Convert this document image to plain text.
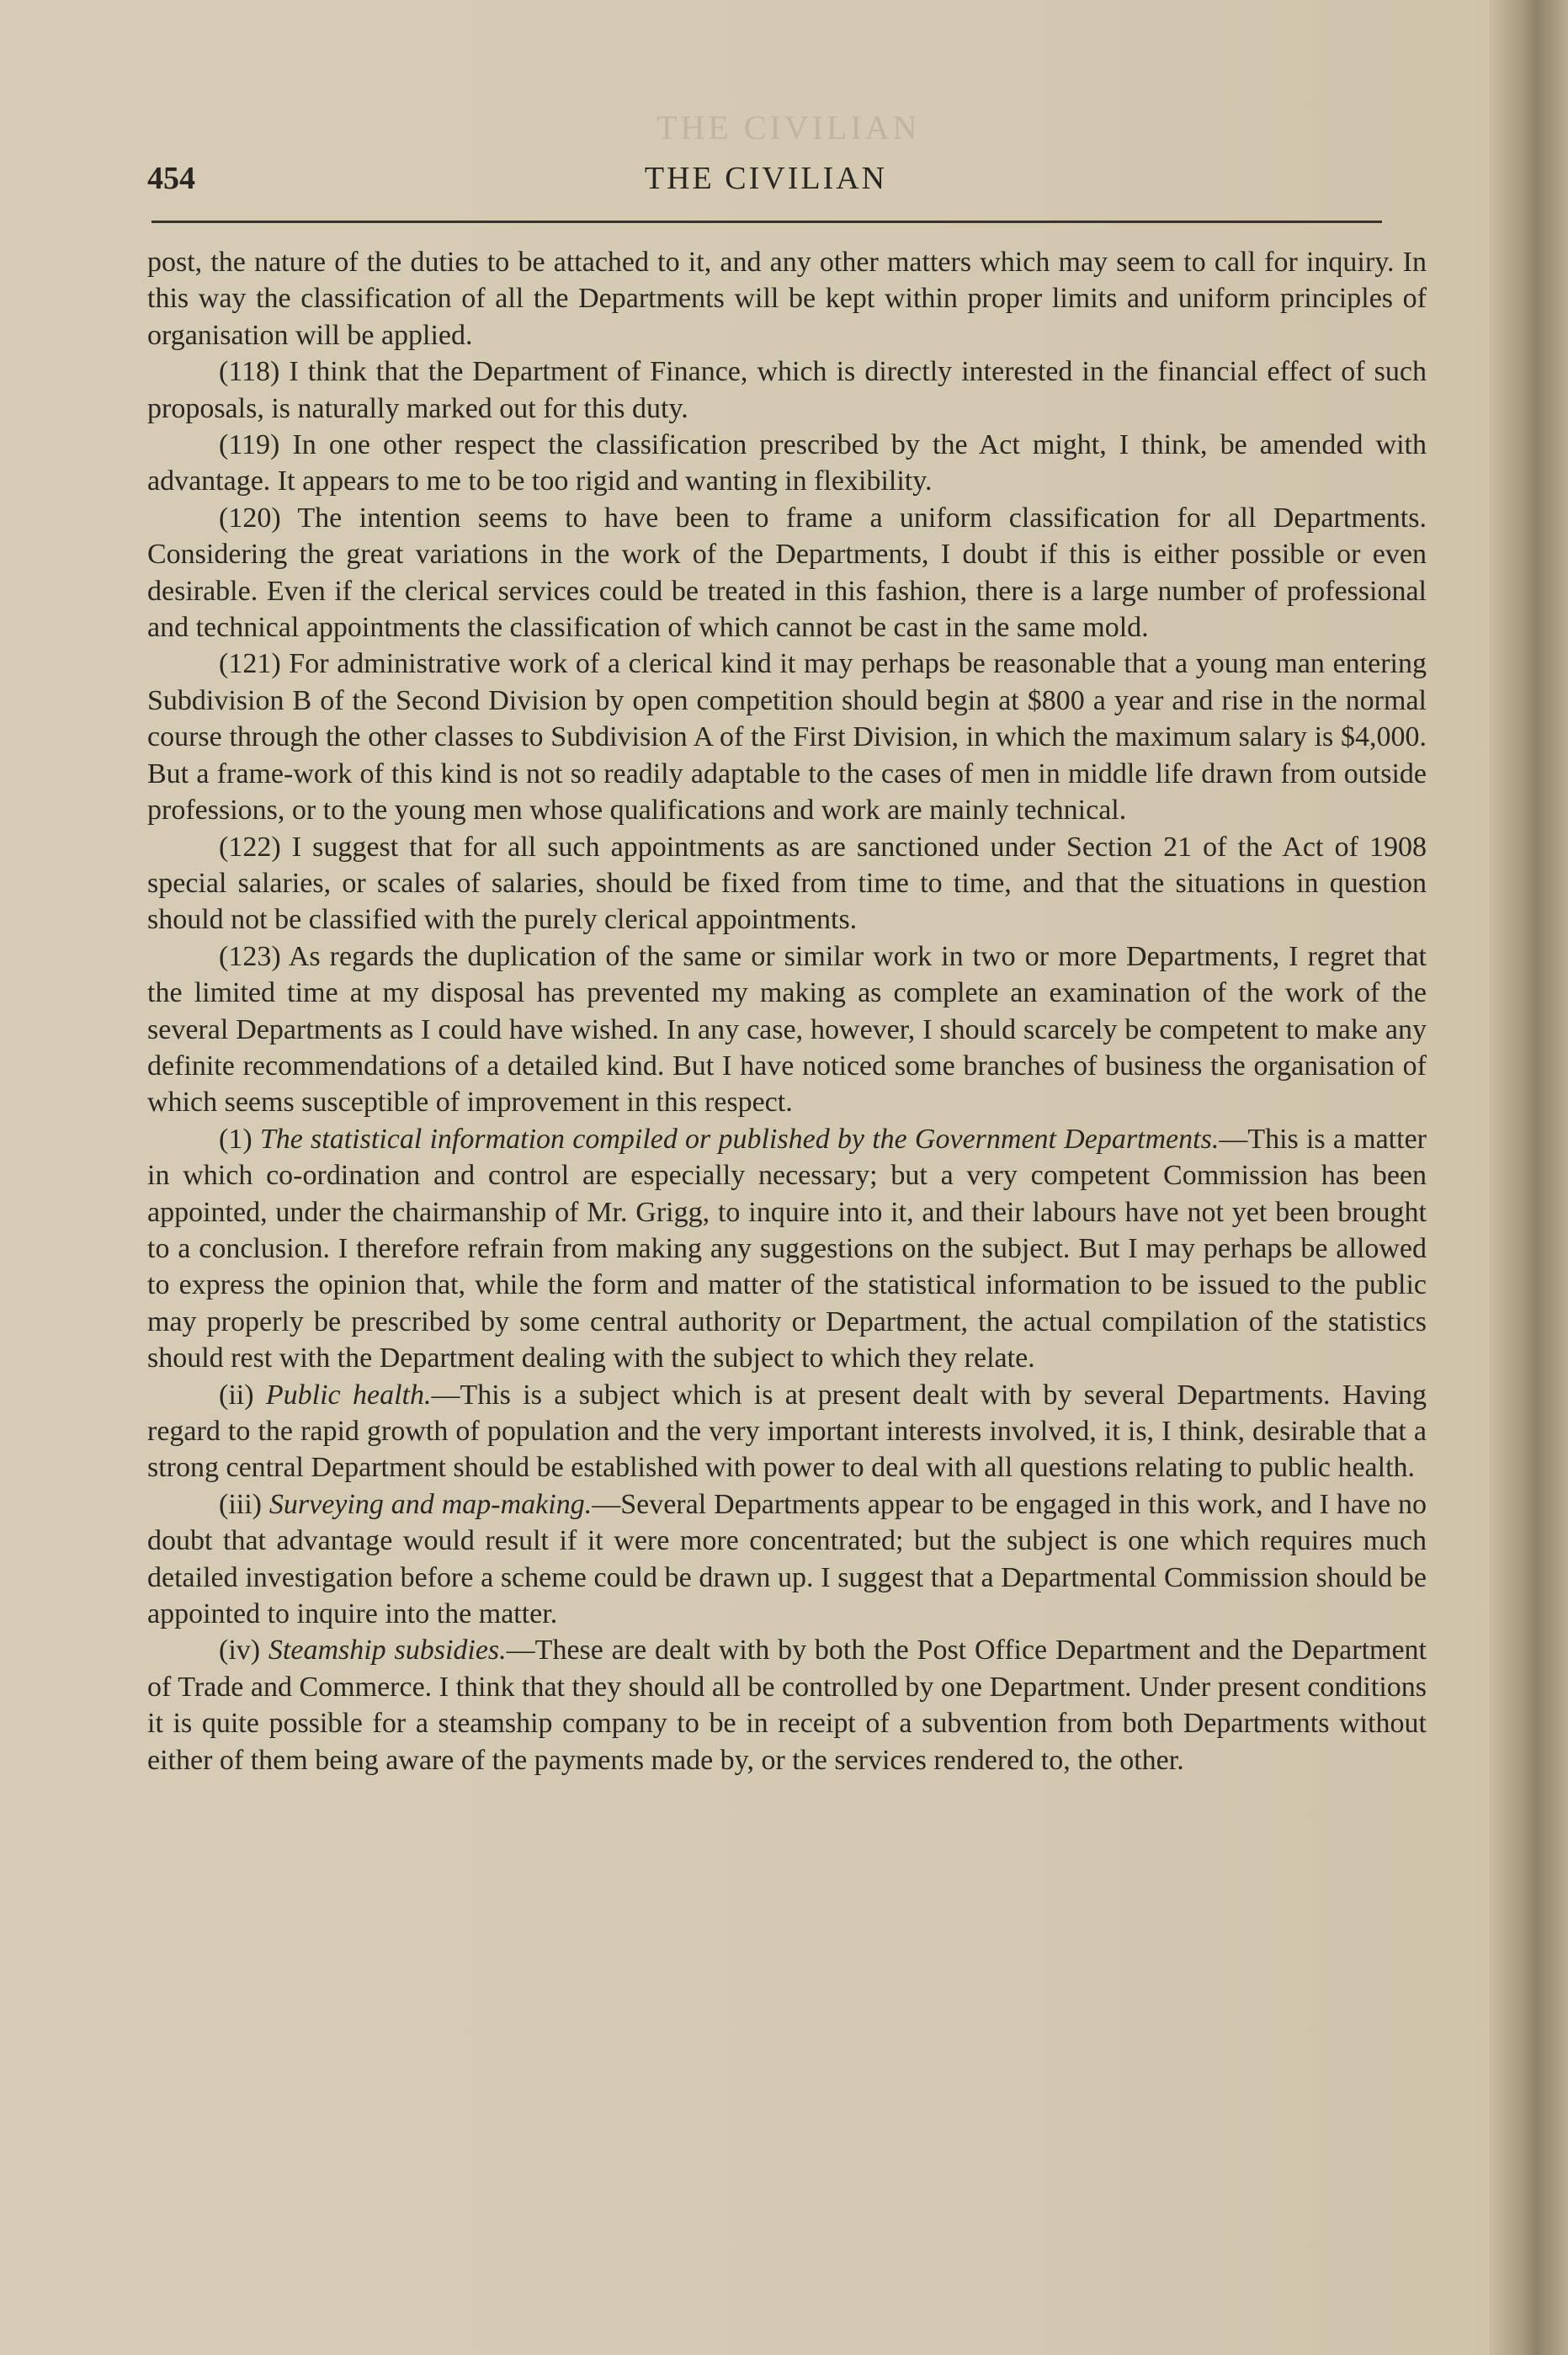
THE CIVILIAN
454	THE CIVILIAN

post, the nature of the duties to be attached to it, and any other matters which may seem to call for inquiry. In this way the classification of all the Departments will be kept within proper limits and uniform principles of organisation will be applied.

(118) I think that the Department of Finance, which is directly interested in the financial effect of such proposals, is naturally marked out for this duty.

(119) In one other respect the classification prescribed by the Act might, I think, be amended with advantage. It appears to me to be too rigid and wanting in flexibility.

(120) The intention seems to have been to frame a uniform classification for all Departments. Considering the great variations in the work of the Departments, I doubt if this is either possible or even desirable. Even if the clerical services could be treated in this fashion, there is a large number of professional and technical appointments the classification of which cannot be cast in the same mold.

(121) For administrative work of a clerical kind it may perhaps be reasonable that a young man entering Subdivision B of the Second Division by open competition should begin at $800 a year and rise in the normal course through the other classes to Subdivision A of the First Division, in which the maximum salary is $4,000. But a frame-work of this kind is not so readily adaptable to the cases of men in middle life drawn from outside professions, or to the young men whose qualifications and work are mainly technical.

(122) I suggest that for all such appointments as are sanctioned under Section 21 of the Act of 1908 special salaries, or scales of salaries, should be fixed from time to time, and that the situations in question should not be classified with the purely clerical appointments.

(123) As regards the duplication of the same or similar work in two or more Departments, I regret that the limited time at my disposal has prevented my making as complete an examination of the work of the several Departments as I could have wished. In any case, however, I should scarcely be competent to make any definite recommendations of a detailed kind. But I have noticed some branches of business the organisation of which seems susceptible of improvement in this respect.

(1) The statistical information compiled or published by the Government Departments.—This is a matter in which co-ordination and control are especially necessary; but a very competent Commission has been appointed, under the chairmanship of Mr. Grigg, to inquire into it, and their labours have not yet been brought to a conclusion. I therefore refrain from making any suggestions on the subject. But I may perhaps be allowed to express the opinion that, while the form and matter of the statistical information to be issued to the public may properly be prescribed by some central authority or Department, the actual compilation of the statistics should rest with the Department dealing with the subject to which they relate.

(ii) Public health.—This is a subject which is at present dealt with by several Departments. Having regard to the rapid growth of population and the very important interests involved, it is, I think, desirable that a strong central Department should be established with power to deal with all questions relating to public health.

(iii) Surveying and map-making.—Several Departments appear to be engaged in this work, and I have no doubt that advantage would result if it were more concentrated; but the subject is one which requires much detailed investigation before a scheme could be drawn up. I suggest that a Departmental Commission should be appointed to inquire into the matter.

(iv) Steamship subsidies.—These are dealt with by both the Post Office Department and the Department of Trade and Commerce. I think that they should all be controlled by one Department. Under present conditions it is quite possible for a steamship company to be in receipt of a subvention from both Departments without either of them being aware of the payments made by, or the services rendered to, the other.
